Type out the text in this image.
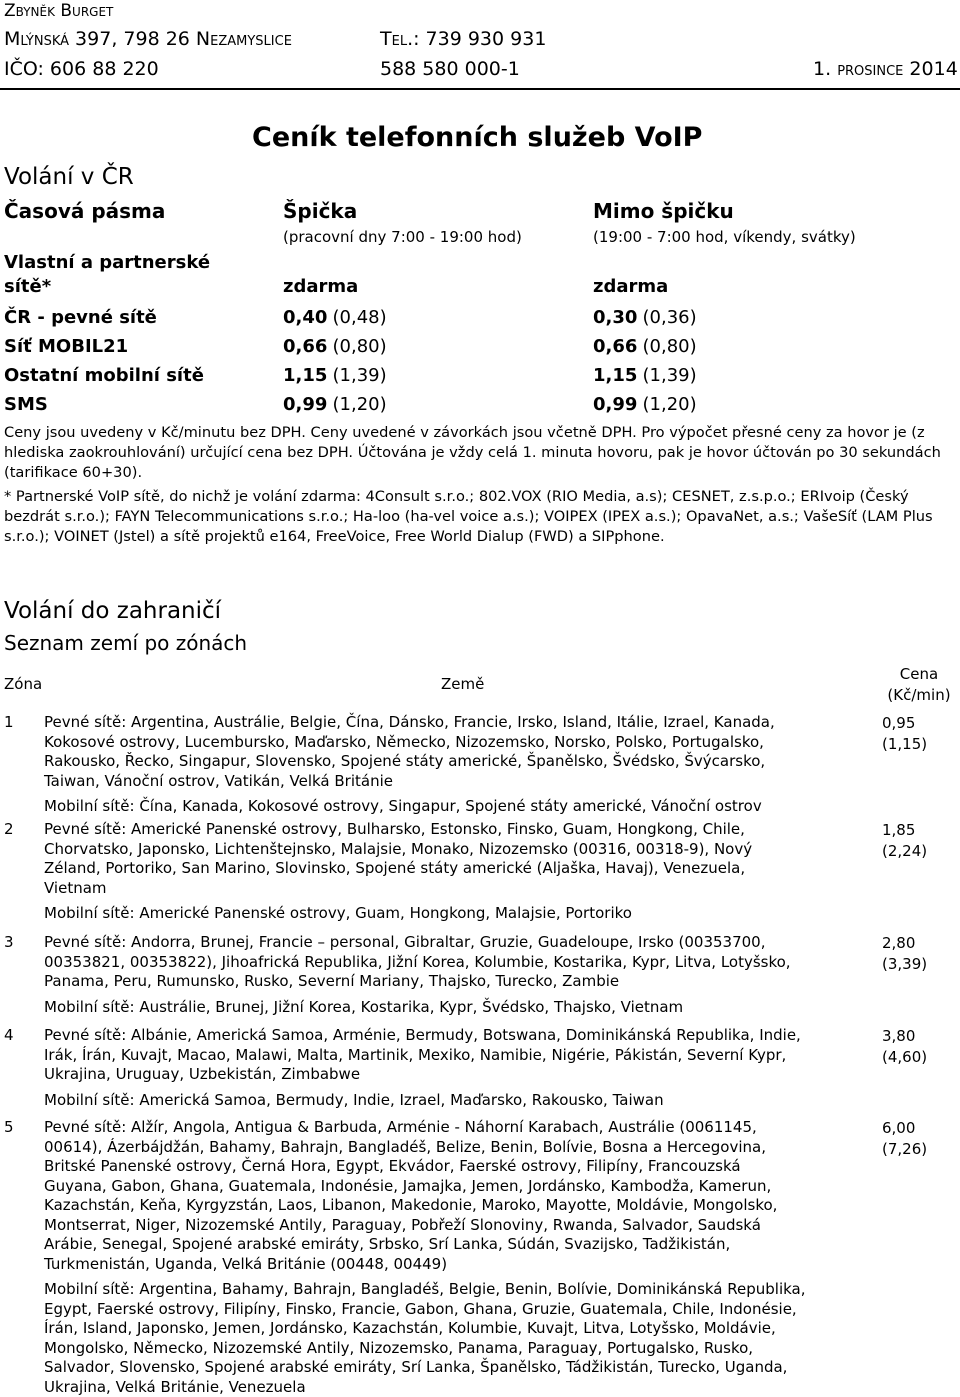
Zbyněk Burget
Mlýnská 397, 798 26 Nezamyslice	Tel.: 739 930 931
IČO: 606 88 220	588 580 000-1	1. prosince 2014
Ceník telefonních služeb VoIP
Volání v ČR
Časová pásma	Špička	Mimo špičku
(pracovní dny 7:00 - 19:00 hod)	(19:00 - 7:00 hod, víkendy, svátky)
Vlastní a partnerské
sítě*	zdarma	zdarma
ČR - pevné sítě	0,40 (0,48)	0,30 (0,36)
Síť MOBIL21	0,66 (0,80)	0,66 (0,80)
Ostatní mobilní sítě	1,15 (1,39)	1,15 (1,39)
SMS	0,99 (1,20)	0,99 (1,20)
Ceny jsou uvedeny v Kč/minutu bez DPH. Ceny uvedené v závorkách jsou včetně DPH. Pro výpočet přesné ceny za hovor je (z hlediska zaokrouhlování) určující cena bez DPH. Účtována je vždy celá 1. minuta hovoru, pak je hovor účtován po 30 sekundách (tarifikace 60+30).
* Partnerské VoIP sítě, do nichž je volání zdarma: 4Consult s.r.o.; 802.VOX (RIO Media, a.s); CESNET, z.s.p.o.; ERIvoip (Český bezdrát s.r.o.); FAYN Telecommunications s.r.o.; Ha-loo (ha-vel voice a.s.); VOIPEX (IPEX a.s.); OpavaNet, a.s.; VašeSíť (LAM Plus s.r.o.); VOINET (Jstel) a sítě projektů e164, FreeVoice, Free World Dialup (FWD) a SIPphone.
Volání do zahraničí
Seznam zemí po zónách
Zóna	Země
Cena
(Kč/min)
1 Pevné sítě: Argentina, Austrálie, Belgie, Čína, Dánsko, Francie, Irsko, Island, Itálie, Izrael, Kanada,
Kokosové ostrovy, Lucembursko, Maďarsko, Německo, Nizozemsko, Norsko, Polsko, Portugalsko,
Rakousko, Řecko, Singapur, Slovensko, Spojené státy americké, Španělsko, Švédsko, Švýcarsko,
Taiwan, Vánoční ostrov, Vatikán, Velká Británie
Mobilní sítě: Čína, Kanada, Kokosové ostrovy, Singapur, Spojené státy americké, Vánoční ostrov
0,95
(1,15)
2 Pevné sítě: Americké Panenské ostrovy, Bulharsko, Estonsko, Finsko, Guam, Hongkong, Chile,
Chorvatsko, Japonsko, Lichtenštejnsko, Malajsie, Monako, Nizozemsko (00316, 00318-9), Nový
Zéland, Portoriko, San Marino, Slovinsko, Spojené státy americké (Aljaška, Havaj), Venezuela,
Vietnam
Mobilní sítě: Americké Panenské ostrovy, Guam, Hongkong, Malajsie, Portoriko
1,85
(2,24)
3 Pevné sítě: Andorra, Brunej, Francie – personal, Gibraltar, Gruzie, Guadeloupe, Irsko (00353700,
00353821, 00353822), Jihoafrická Republika, Jižní Korea, Kolumbie, Kostarika, Kypr, Litva, Lotyšsko,
Panama, Peru, Rumunsko, Rusko, Severní Mariany, Thajsko, Turecko, Zambie
Mobilní sítě: Austrálie, Brunej, Jižní Korea, Kostarika, Kypr, Švédsko, Thajsko, Vietnam
2,80
(3,39)
4 Pevné sítě: Albánie, Americká Samoa, Arménie, Bermudy, Botswana, Dominikánská Republika, Indie,
Irák, Írán, Kuvajt, Macao, Malawi, Malta, Martinik, Mexiko, Namibie, Nigérie, Pákistán, Severní Kypr,
Ukrajina, Uruguay, Uzbekistán, Zimbabwe
Mobilní sítě: Americká Samoa, Bermudy, Indie, Izrael, Maďarsko, Rakousko, Taiwan
3,80
(4,60)
5 Pevné sítě: Alžír, Angola, Antigua & Barbuda, Arménie - Náhorní Karabach, Austrálie (0061145,
00614), Ázerbájdžán, Bahamy, Bahrajn, Bangladéš, Belize, Benin, Bolívie, Bosna a Hercegovina,
Britské Panenské ostrovy, Černá Hora, Egypt, Ekvádor, Faerské ostrovy, Filipíny, Francouzská
Guyana, Gabon, Ghana, Guatemala, Indonésie, Jamajka, Jemen, Jordánsko, Kambodža, Kamerun,
Kazachstán, Keňa, Kyrgyzstán, Laos, Libanon, Makedonie, Maroko, Mayotte, Moldávie, Mongolsko,
Montserrat, Niger, Nizozemské Antily, Paraguay, Pobřeží Slonoviny, Rwanda, Salvador, Saudská
Arábie, Senegal, Spojené arabské emiráty, Srbsko, Srí Lanka, Súdán, Svazijsko, Tadžikistán,
Turkmenistán, Uganda, Velká Británie (00448, 00449)
Mobilní sítě: Argentina, Bahamy, Bahrajn, Bangladéš, Belgie, Benin, Bolívie, Dominikánská Republika,
Egypt, Faerské ostrovy, Filipíny, Finsko, Francie, Gabon, Ghana, Gruzie, Guatemala, Chile, Indonésie,
Írán, Island, Japonsko, Jemen, Jordánsko, Kazachstán, Kolumbie, Kuvajt, Litva, Lotyšsko, Moldávie,
Mongolsko, Německo, Nizozemské Antily, Nizozemsko, Panama, Paraguay, Portugalsko, Rusko,
Salvador, Slovensko, Spojené arabské emiráty, Srí Lanka, Španělsko, Tádžikistán, Turecko, Uganda,
Ukrajina, Velká Británie, Venezuela
6,00
(7,26)
